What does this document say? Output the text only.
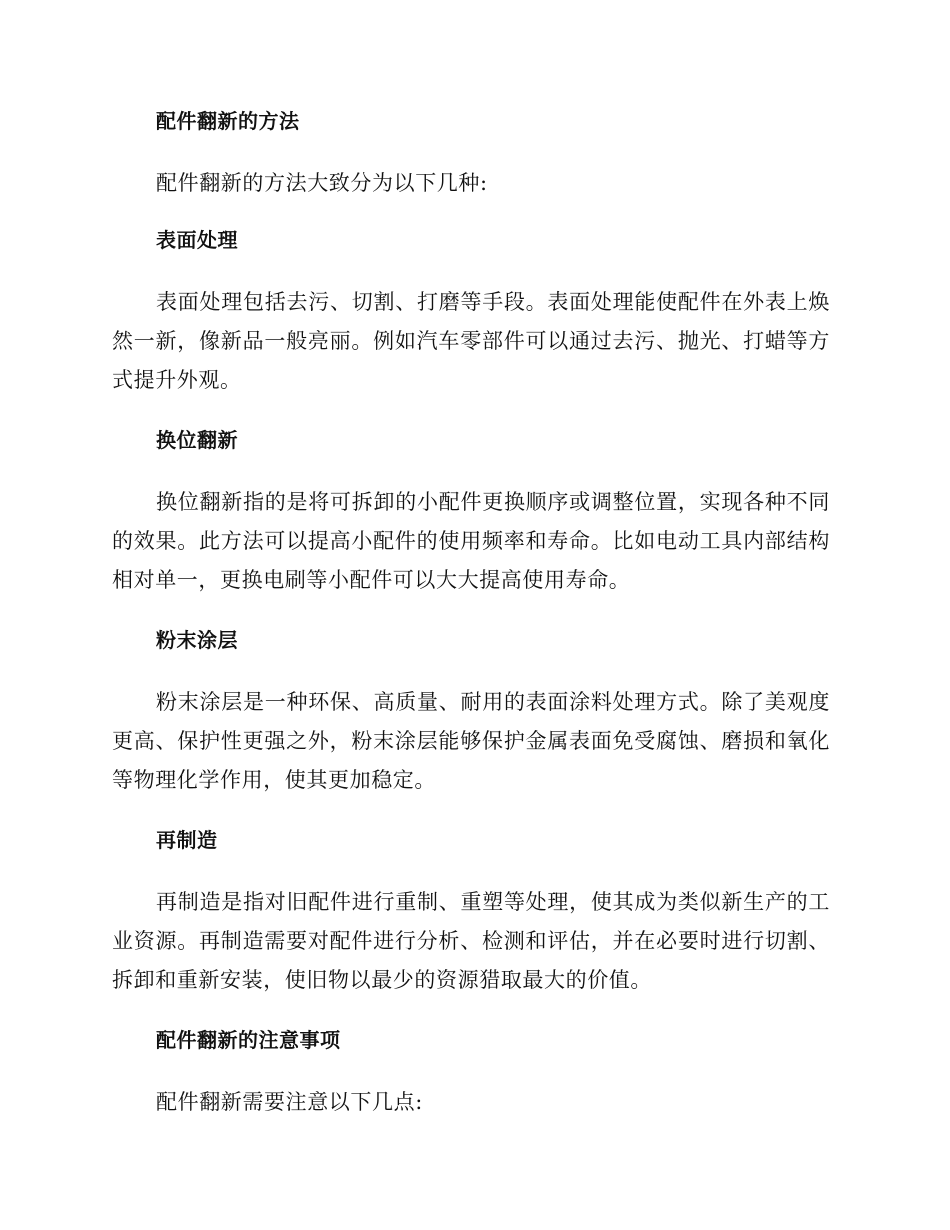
配件翻新的方法
配件翻新的方法大致分为以下几种:
表面处理
表面处理包括去污、切割、打磨等手段。表面处理能使配件在外表上焕然一新，像新品一般亮丽。例如汽车零部件可以通过去污、抛光、打蜡等方式提升外观。
换位翻新
换位翻新指的是将可拆卸的小配件更换顺序或调整位置，实现各种不同的效果。此方法可以提高小配件的使用频率和寿命。比如电动工具内部结构相对单一，更换电刷等小配件可以大大提高使用寿命。
粉末涂层
粉末涂层是一种环保、高质量、耐用的表面涂料处理方式。除了美观度更高、保护性更强之外，粉末涂层能够保护金属表面免受腐蚀、磨损和氧化等物理化学作用，使其更加稳定。
再制造
再制造是指对旧配件进行重制、重塑等处理，使其成为类似新生产的工业资源。再制造需要对配件进行分析、检测和评估，并在必要时进行切割、拆卸和重新安装，使旧物以最少的资源猎取最大的价值。
配件翻新的注意事项
配件翻新需要注意以下几点:
